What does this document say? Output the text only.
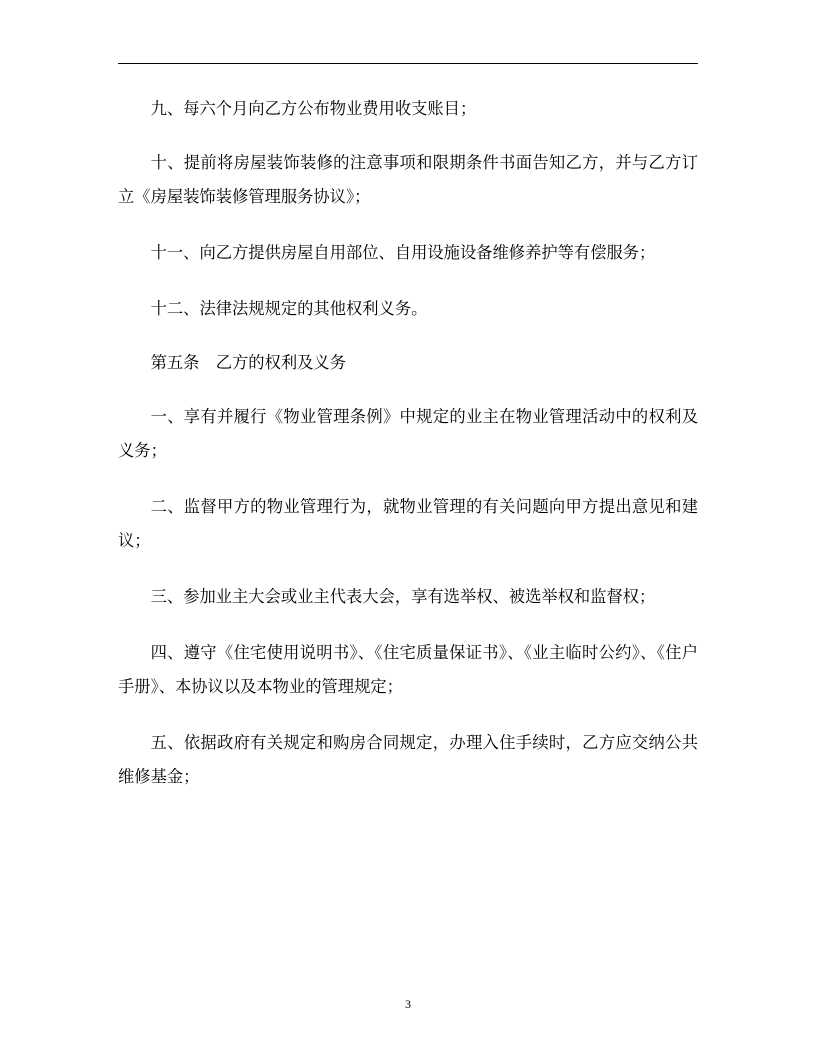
九、每六个月向乙方公布物业费用收支账目；

十、提前将房屋装饰装修的注意事项和限期条件书面告知乙方，并与乙方订立《房屋装饰装修管理服务协议》；

十一、向乙方提供房屋自用部位、自用设施设备维修养护等有偿服务；

十二、法律法规规定的其他权利义务。

第五条　乙方的权利及义务

一、享有并履行《物业管理条例》中规定的业主在物业管理活动中的权利及义务；

二、监督甲方的物业管理行为，就物业管理的有关问题向甲方提出意见和建议；

三、参加业主大会或业主代表大会，享有选举权、被选举权和监督权；

四、遵守《住宅使用说明书》、《住宅质量保证书》、《业主临时公约》、《住户手册》、本协议以及本物业的管理规定；

五、依据政府有关规定和购房合同规定，办理入住手续时，乙方应交纳公共维修基金；

3
